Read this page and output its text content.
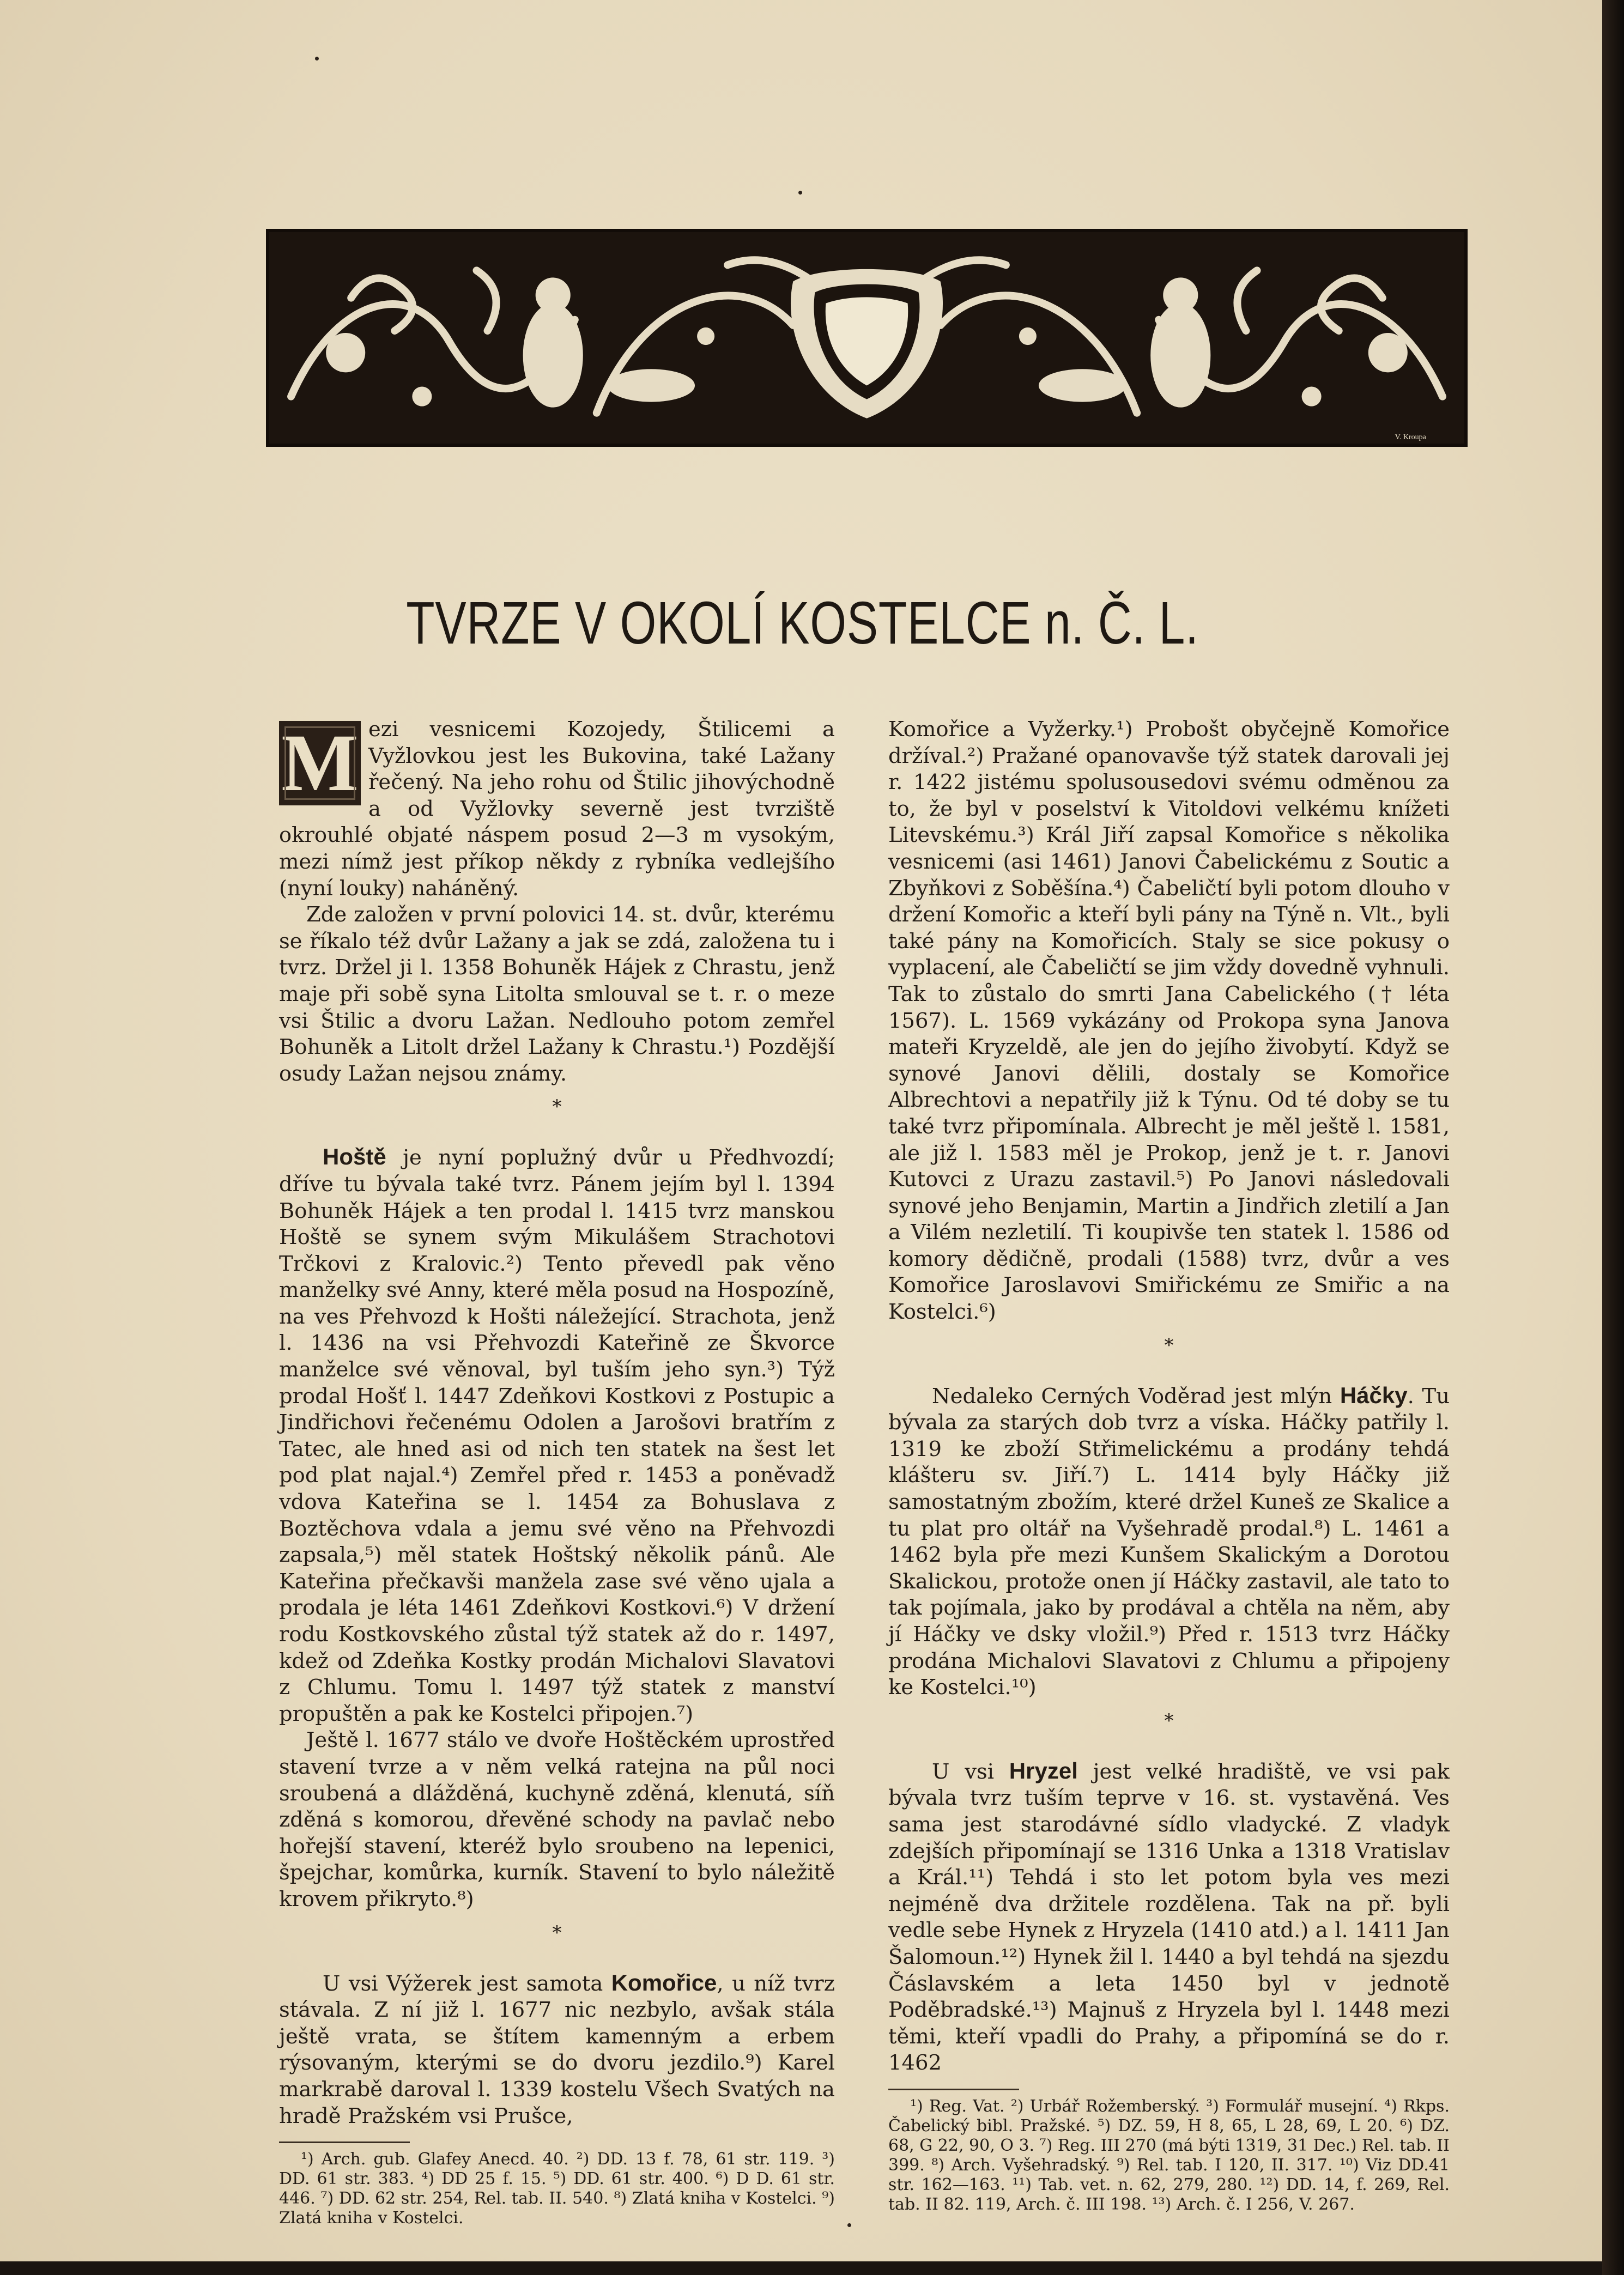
V. Kroupa
TVRZE V OKOLÍ KOSTELCE n. Č. L.
M ezi vesnicemi Kozojedy, Štilicemi a Vyžlovkou jest les Bukovina, také Lažany řečený. Na jeho rohu od Štilic jihovýchodně a od Vyžlovky severně jest tvrziště okrouhlé objaté náspem posud 2—3 m vysokým, mezi nímž jest příkop někdy z rybníka vedlejšího (nyní louky) naháněný.

Zde založen v první polovici 14. st. dvůr, kterému se říkalo též dvůr Lažany a jak se zdá, založena tu i tvrz. Držel ji l. 1358 Bohuněk Hájek z Chrastu, jenž maje při sobě syna Litolta smlouval se t. r. o meze vsi Štilic a dvoru Lažan. Nedlouho potom zemřel Bohuněk a Litolt držel Lažany k Chrastu.¹) Pozdější osudy Lažan nejsou známy.

*

Hoště je nyní poplužný dvůr u Předhvozdí; dříve tu bývala také tvrz. Pánem jejím byl l. 1394 Bohuněk Hájek a ten prodal l. 1415 tvrz manskou Hoště se synem svým Mikulášem Strachotovi Trčkovi z Kralovic.²) Tento převedl pak věno manželky své Anny, které měla posud na Hospozíně, na ves Přehvozd k Hošti náležející. Strachota, jenž l. 1436 na vsi Přehvozdi Kateřině ze Škvorce manželce své věnoval, byl tuším jeho syn.³) Týž prodal Hošť l. 1447 Zdeňkovi Kostkovi z Postupic a Jindřichovi řečenému Odolen a Jarošovi bratřím z Tatec, ale hned asi od nich ten statek na šest let pod plat najal.⁴) Zemřel před r. 1453 a poněvadž vdova Kateřina se l. 1454 za Bohuslava z Boztěchova vdala a jemu své věno na Přehvozdi zapsala,⁵) měl statek Hoštský několik pánů. Ale Kateřina přečkavši manžela zase své věno ujala a prodala je léta 1461 Zdeňkovi Kostkovi.⁶) V držení rodu Kostkovského zůstal týž statek až do r. 1497, kdež od Zdeňka Kostky prodán Michalovi Slavatovi z Chlumu. Tomu l. 1497 týž statek z manství propuštěn a pak ke Kostelci připojen.⁷)

Ještě l. 1677 stálo ve dvoře Hoštěckém uprostřed stavení tvrze a v něm velká ratejna na půl noci sroubená a dlážděná, kuchyně zděná, klenutá, síň zděná s komorou, dřevěné schody na pavlač nebo hořejší stavení, kteréž bylo sroubeno na lepenici, špejchar, komůrka, kurník. Stavení to bylo náležitě krovem přikryto.⁸)

*

U vsi Výžerek jest samota Komořice, u níž tvrz stávala. Z ní již l. 1677 nic nezbylo, avšak stála ještě vrata, se štítem kamenným a erbem rýsovaným, kterými se do dvoru jezdilo.⁹) Karel markrabě daroval l. 1339 kostelu Všech Svatých na hradě Pražském vsi Prušce,

¹) Arch. gub. Glafey Anecd. 40. ²) DD. 13 f. 78, 61 str. 119. ³) DD. 61 str. 383. ⁴) DD 25 f. 15. ⁵) DD. 61 str. 400. ⁶) D D. 61 str. 446. ⁷) DD. 62 str. 254, Rel. tab. II. 540. ⁸) Zlatá kniha v Kostelci. ⁹) Zlatá kniha v Kostelci.

Komořice a Vyžerky.¹) Probošt obyčejně Komořice držíval.²) Pražané opanovavše týž statek darovali jej r. 1422 jistému spolusousedovi svému odměnou za to, že byl v poselství k Vitoldovi velkému knížeti Litevskému.³) Král Jiří zapsal Komořice s několika vesnicemi (asi 1461) Janovi Čabelickému z Soutic a Zbyňkovi z Soběšína.⁴) Čabeličtí byli potom dlouho v držení Komořic a kteří byli pány na Týně n. Vlt., byli také pány na Komořicích. Staly se sice pokusy o vyplacení, ale Čabeličtí se jim vždy dovedně vyhnuli. Tak to zůstalo do smrti Jana Cabelického († léta 1567). L. 1569 vykázány od Prokopa syna Janova mateři Kryzeldě, ale jen do jejího živobytí. Když se synové Janovi dělili, dostaly se Komořice Albrechtovi a nepatřily již k Týnu. Od té doby se tu také tvrz připomínala. Albrecht je měl ještě l. 1581, ale již l. 1583 měl je Prokop, jenž je t. r. Janovi Kutovci z Urazu zastavil.⁵) Po Janovi následovali synové jeho Benjamin, Martin a Jindřich zletilí a Jan a Vilém nezletilí. Ti koupivše ten statek l. 1586 od komory dědičně, prodali (1588) tvrz, dvůr a ves Komořice Jaroslavovi Smiřickému ze Smiřic a na Kostelci.⁶)

*

Nedaleko Cerných Voděrad jest mlýn Háčky. Tu bývala za starých dob tvrz a víska. Háčky patřily l. 1319 ke zboží Střimelickému a prodány tehdá klášteru sv. Jiří.⁷) L. 1414 byly Háčky již samostatným zbožím, které držel Kuneš ze Skalice a tu plat pro oltář na Vyšehradě prodal.⁸) L. 1461 a 1462 byla pře mezi Kunšem Skalickým a Dorotou Skalickou, protože onen jí Háčky zastavil, ale tato to tak pojímala, jako by prodával a chtěla na něm, aby jí Háčky ve dsky vložil.⁹) Před r. 1513 tvrz Háčky prodána Michalovi Slavatovi z Chlumu a připojeny ke Kostelci.¹⁰)

*

U vsi Hryzel jest velké hradiště, ve vsi pak bývala tvrz tuším teprve v 16. st. vystavěná. Ves sama jest starodávné sídlo vladycké. Z vladyk zdejších připomínají se 1316 Unka a 1318 Vratislav a Král.¹¹) Tehdá i sto let potom byla ves mezi nejméně dva držitele rozdělena. Tak na př. byli vedle sebe Hynek z Hryzela (1410 atd.) a l. 1411 Jan Šalomoun.¹²) Hynek žil l. 1440 a byl tehdá na sjezdu Čáslavském a leta 1450 byl v jednotě Poděbradské.¹³) Majnuš z Hryzela byl l. 1448 mezi těmi, kteří vpadli do Prahy, a připomíná se do r. 1462

¹) Reg. Vat. ²) Urbář Rožemberský. ³) Formulář musejní. ⁴) Rkps. Čabelický bibl. Pražské. ⁵) DZ. 59, H 8, 65, L 28, 69, L 20. ⁶) DZ. 68, G 22, 90, O 3. ⁷) Reg. III 270 (má býti 1319, 31 Dec.) Rel. tab. II 399. ⁸) Arch. Vyšehradský. ⁹) Rel. tab. I 120, II. 317. ¹⁰) Viz DD.41 str. 162—163. ¹¹) Tab. vet. n. 62, 279, 280. ¹²) DD. 14, f. 269, Rel. tab. II 82. 119, Arch. č. III 198. ¹³) Arch. č. I 256, V. 267.
